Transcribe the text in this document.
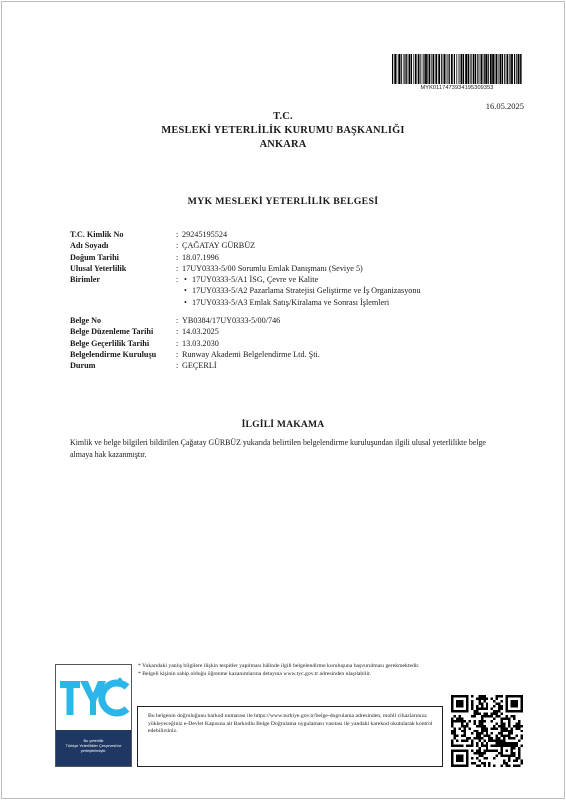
MYK0117473934195309353
16.05.2025
T.C.
MESLEKİ YETERLİLİK KURUMU BAŞKANLIĞI
ANKARA
MYK MESLEKİ YETERLİLİK BELGESİ
T.C. Kimlik No	: 29245195524
Adı Soyadı	: ÇAĞATAY GÜRBÜZ
Doğum Tarihi	: 18.07.1996
Ulusal Yeterlilik	: 17UY0333-5/00 Sorumlu Emlak Danışmanı (Seviye 5)
Birimler	:
•	17UY0333-5/A1 İSG, Çevre ve Kalite
• 17UY0333-5/A2 Pazarlama Stratejisi Geliştirme ve İş Organizasyonu
• 17UY0333-5/A3 Emlak Satış/Kiralama ve Sonrası İşlemleri
Belge No	: YB0384/17UY0333-5/00/746
Belge Düzenleme Tarihi	: 14.03.2025
Belge Geçerlilik Tarihi	: 13.03.2030
Belgelendirme Kuruluşu	: Runway Akademi Belgelendirme Ltd. Şti.
Durum	: GEÇERLİ
İLGİLİ MAKAMA
Kimlik ve belge bilgileri bildirilen Çağatay GÜRBÜZ yukarıda belirtilen belgelendirme kuruluşundan ilgili ulusal yeterlilikte belge almaya hak kazanmıştır.
Bu yeterlilik
Türkiye Yeterlilikler Çerçevesi'ne
yerleştirilmiştir.

* Yukarıdaki yanlış bilgilere ilişkin tespitler yapılması hâlinde ilgili belgelendirme kuruluşuna başvurulması gerekmektedir.

* Belgeli kişinin sahip olduğu öğrenme kazanımlarına detayına www.tyc.gov.tr adresinden ulaşılabilir.

Bu belgenin doğruluğunu barkod numarası ile https://www.turkiye.gov.tr/belge-dogrulama adresinden, mobil cihazlarınıza yükleyeceğiniz e-Devlet Kapısına ait Barkodlu Belge Doğrulama uygulaması vasıtası ile yandaki karekod okutularak kontrol edebilirsiniz.
